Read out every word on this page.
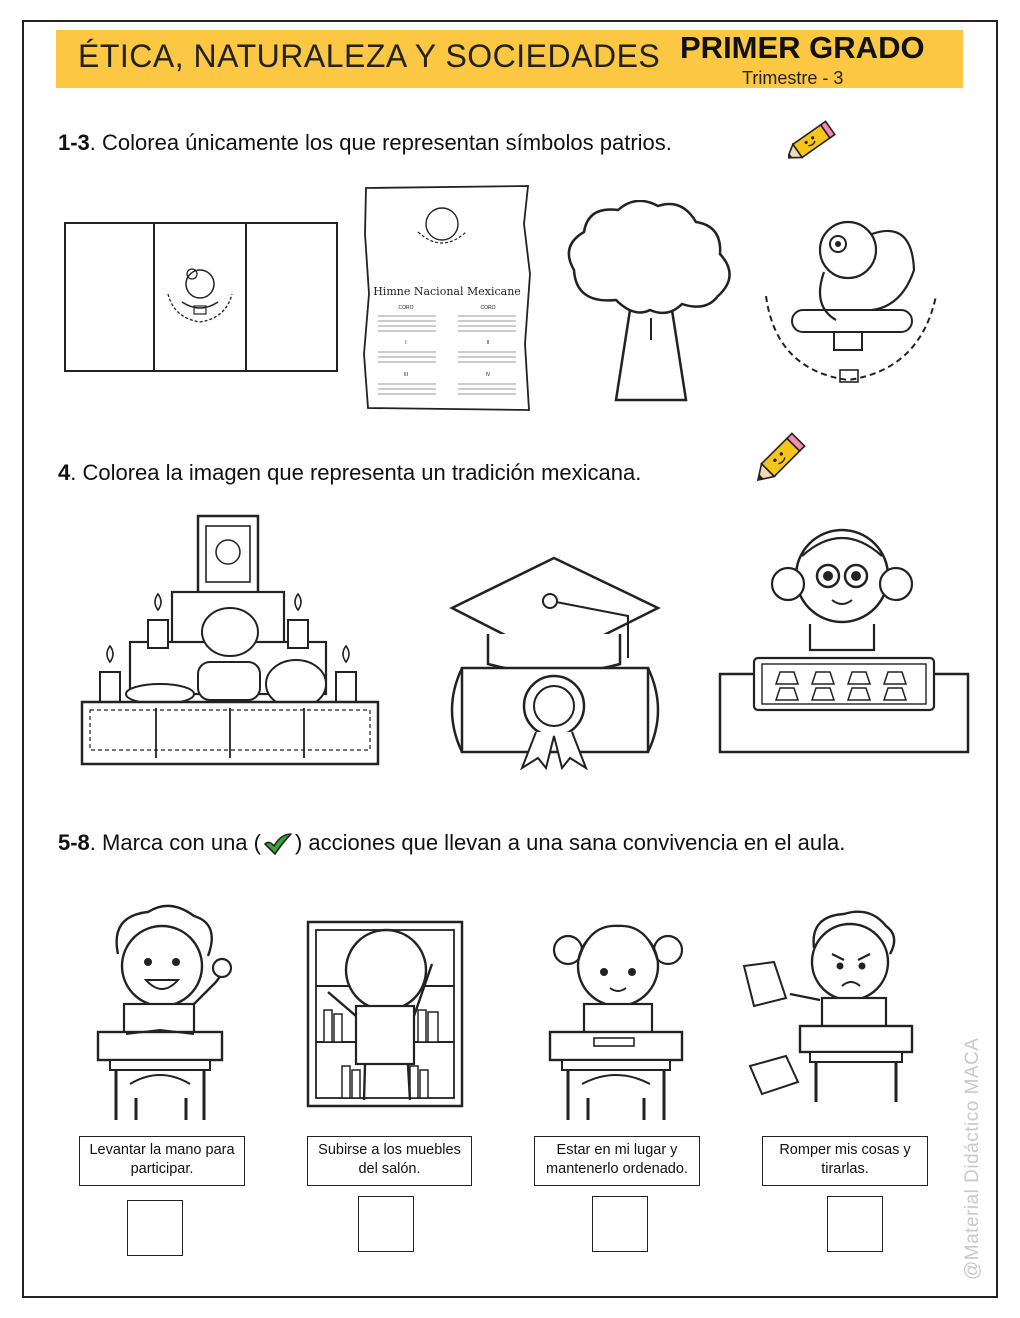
ÉTICA, NATURALEZA Y SOCIEDADES PRIMER GRADO
Trimestre - 3
1-3. Colorea únicamente los que representan símbolos patrios.
Himne Nacional Mexicane
CORO	CORO
I	II
III	IV
4. Colorea la imagen que representa un tradición mexicana.
5-8. Marca con una ( ) acciones que llevan a una sana convivencia en el aula.
Levantar la mano para
participar.
Subirse a los muebles
del salón.
Estar en mi lugar y
mantenerlo ordenado.
Romper mis cosas y
tirarlas.	@Material Didáctico MACA
